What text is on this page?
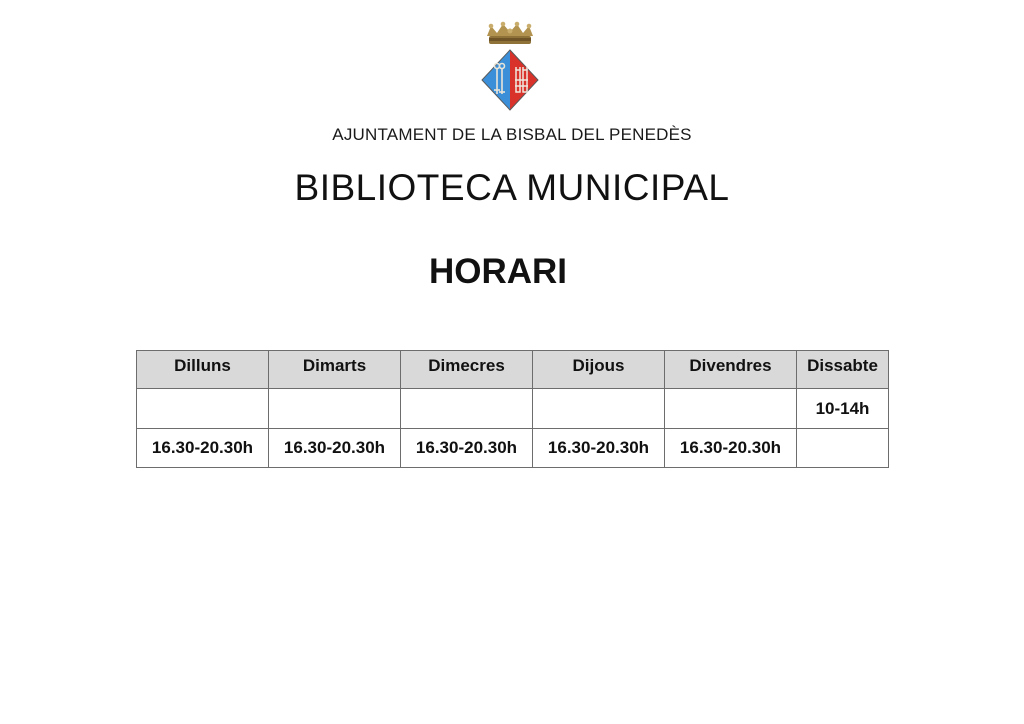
AJUNTAMENT DE LA BISBAL DEL PENEDÈS
BIBLIOTECA MUNICIPAL
HORARI
Dilluns	Dimarts	Dimecres	Dijous	Divendres	Dissabte
					10-14h
16.30-20.30h	16.30-20.30h	16.30-20.30h	16.30-20.30h	16.30-20.30h	
